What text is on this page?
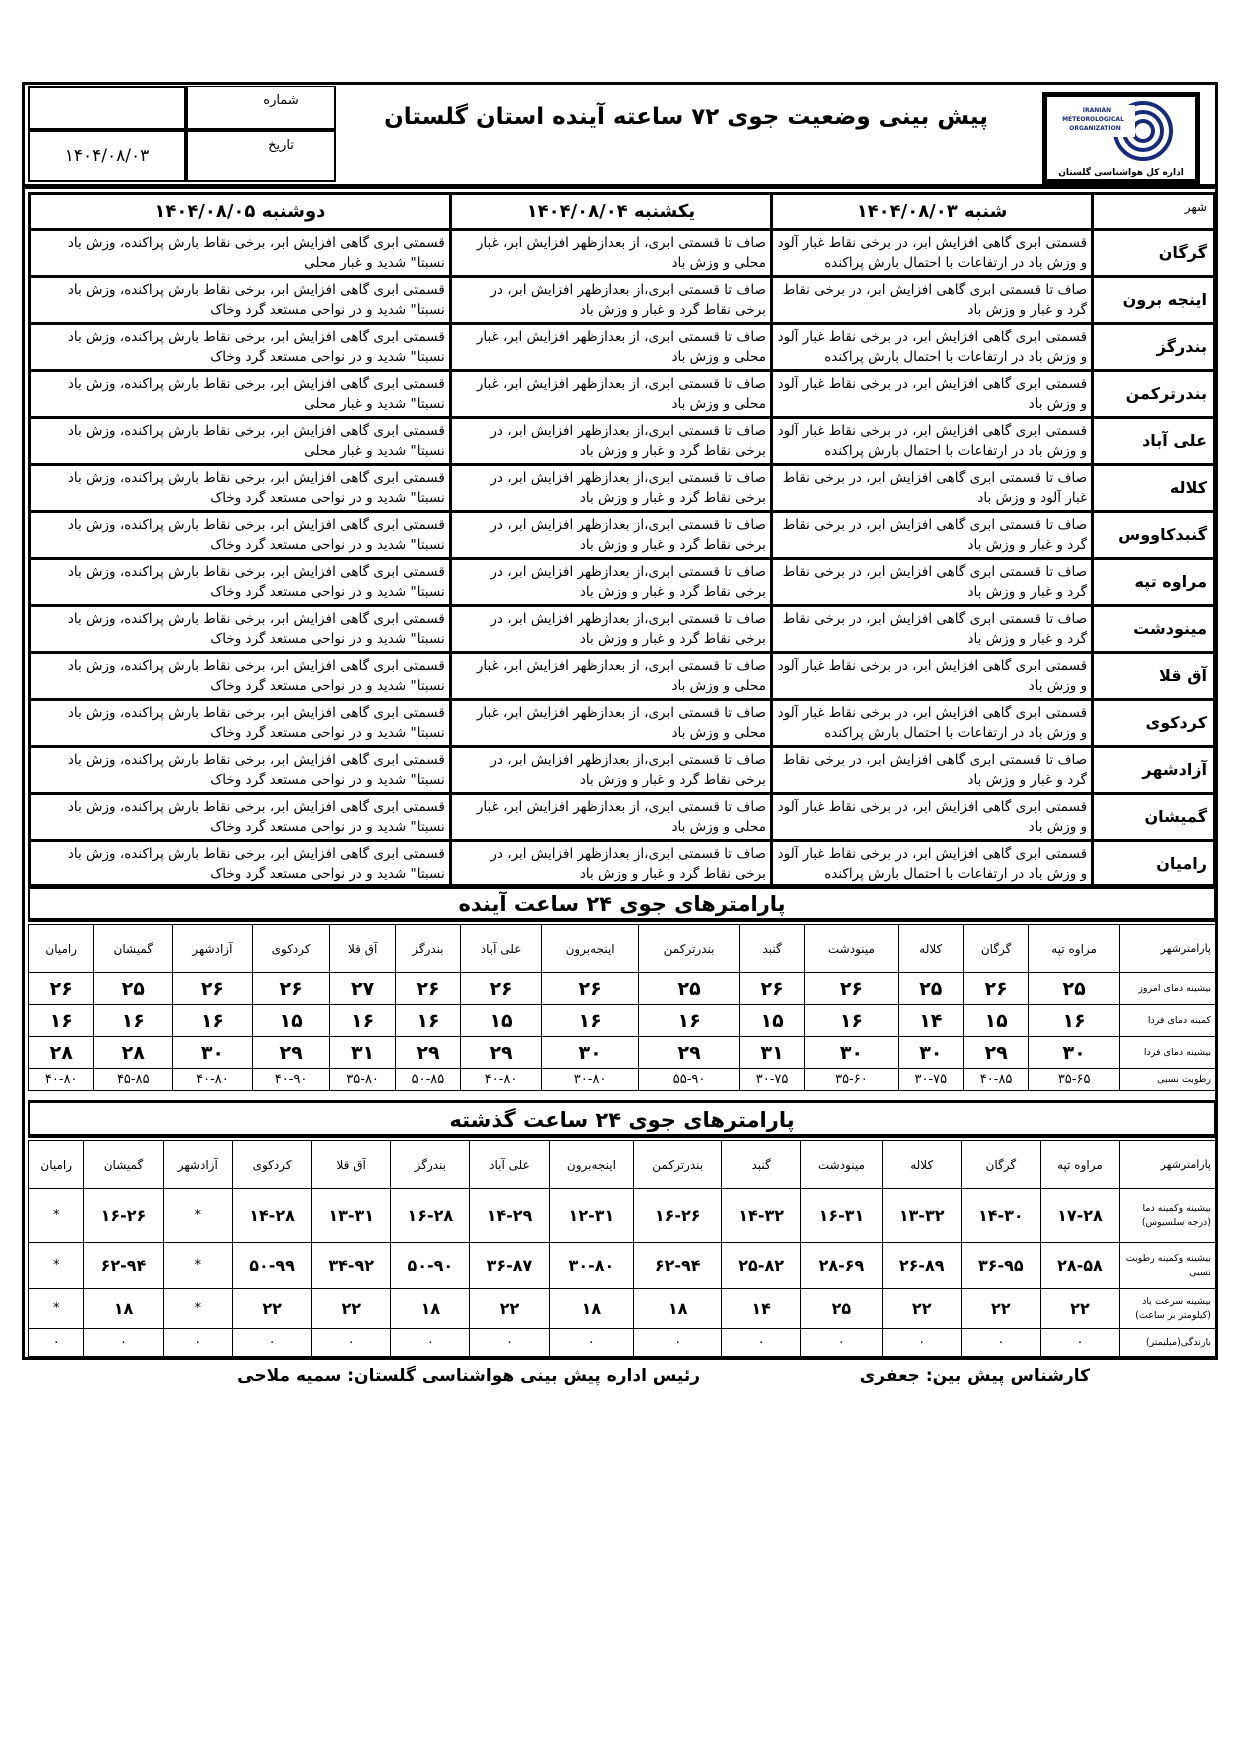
IRANIAN
METEOROLOGICAL
ORGANIZATION
اداره کل هواشناسی گلستان
پیش بینی وضعیت جوی ۷۲ ساعته آینده استان گلستان
شماره
تاریخ
۱۴۰۴/۰۸/۰۳
شهر	شنبه ۱۴۰۴/۰۸/۰۳	یکشنبه ۱۴۰۴/۰۸/۰۴	دوشنبه ۱۴۰۴/۰۸/۰۵
گرگان	قسمتی ابری گاهی افزایش ابر، در برخی نقاط غبار آلود و وزش باد در ارتفاعات با احتمال بارش پراکنده	صاف تا قسمتی ابری، از بعدازظهر افزایش ابر، غبار محلی و وزش باد	قسمتی ابری گاهی افزایش ابر، برخی نقاط بارش پراکنده، وزش باد نسبتا" شدید و غبار محلی
اینجه برون	صاف تا قسمتی ابری گاهی افزایش ابر، در برخی نقاط گرد و غبار و وزش باد	صاف تا قسمتی ابری،از بعدازظهر افزایش ابر، در برخی نقاط گرد و غبار و وزش باد	قسمتی ابری گاهی افزایش ابر، برخی نقاط بارش پراکنده، وزش باد نسبتا" شدید و در نواحی مستعد گرد وخاک
بندرگز	قسمتی ابری گاهی افزایش ابر، در برخی نقاط غبار آلود و وزش باد در ارتفاعات با احتمال بارش پراکنده	صاف تا قسمتی ابری، از بعدازظهر افزایش ابر، غبار محلی و وزش باد	قسمتی ابری گاهی افزایش ابر، برخی نقاط بارش پراکنده، وزش باد نسبتا" شدید و در نواحی مستعد گرد وخاک
بندرترکمن	قسمتی ابری گاهی افزایش ابر، در برخی نقاط غبار آلود و وزش باد	صاف تا قسمتی ابری، از بعدازظهر افزایش ابر، غبار محلی و وزش باد	قسمتی ابری گاهی افزایش ابر، برخی نقاط بارش پراکنده، وزش باد نسبتا" شدید و غبار محلی
علی آباد	قسمتی ابری گاهی افزایش ابر، در برخی نقاط غبار آلود و وزش باد در ارتفاعات با احتمال بارش پراکنده	صاف تا قسمتی ابری،از بعدازظهر افزایش ابر، در برخی نقاط گرد و غبار و وزش باد	قسمتی ابری گاهی افزایش ابر، برخی نقاط بارش پراکنده، وزش باد نسبتا" شدید و غبار محلی
کلاله	صاف تا قسمتی ابری گاهی افزایش ابر، در برخی نقاط غبار آلود و وزش باد	صاف تا قسمتی ابری،از بعدازظهر افزایش ابر، در برخی نقاط گرد و غبار و وزش باد	قسمتی ابری گاهی افزایش ابر، برخی نقاط بارش پراکنده، وزش باد نسبتا" شدید و در نواحی مستعد گرد وخاک
گنبدکاووس	صاف تا قسمتی ابری گاهی افزایش ابر، در برخی نقاط گرد و غبار و وزش باد	صاف تا قسمتی ابری،از بعدازظهر افزایش ابر، در برخی نقاط گرد و غبار و وزش باد	قسمتی ابری گاهی افزایش ابر، برخی نقاط بارش پراکنده، وزش باد نسبتا" شدید و در نواحی مستعد گرد وخاک
مراوه تپه	صاف تا قسمتی ابری گاهی افزایش ابر، در برخی نقاط گرد و غبار و وزش باد	صاف تا قسمتی ابری،از بعدازظهر افزایش ابر، در برخی نقاط گرد و غبار و وزش باد	قسمتی ابری گاهی افزایش ابر، برخی نقاط بارش پراکنده، وزش باد نسبتا" شدید و در نواحی مستعد گرد وخاک
مینودشت	صاف تا قسمتی ابری گاهی افزایش ابر، در برخی نقاط گرد و غبار و وزش باد	صاف تا قسمتی ابری،از بعدازظهر افزایش ابر، در برخی نقاط گرد و غبار و وزش باد	قسمتی ابری گاهی افزایش ابر، برخی نقاط بارش پراکنده، وزش باد نسبتا" شدید و در نواحی مستعد گرد وخاک
آق قلا	قسمتی ابری گاهی افزایش ابر، در برخی نقاط غبار آلود و وزش باد	صاف تا قسمتی ابری، از بعدازظهر افزایش ابر، غبار محلی و وزش باد	قسمتی ابری گاهی افزایش ابر، برخی نقاط بارش پراکنده، وزش باد نسبتا" شدید و در نواحی مستعد گرد وخاک
کردکوی	قسمتی ابری گاهی افزایش ابر، در برخی نقاط غبار آلود و وزش باد در ارتفاعات با احتمال بارش پراکنده	صاف تا قسمتی ابری، از بعدازظهر افزایش ابر، غبار محلی و وزش باد	قسمتی ابری گاهی افزایش ابر، برخی نقاط بارش پراکنده، وزش باد نسبتا" شدید و در نواحی مستعد گرد وخاک
آزادشهر	صاف تا قسمتی ابری گاهی افزایش ابر، در برخی نقاط گرد و غبار و وزش باد	صاف تا قسمتی ابری،از بعدازظهر افزایش ابر، در برخی نقاط گرد و غبار و وزش باد	قسمتی ابری گاهی افزایش ابر، برخی نقاط بارش پراکنده، وزش باد نسبتا" شدید و در نواحی مستعد گرد وخاک
گمیشان	قسمتی ابری گاهی افزایش ابر، در برخی نقاط غبار آلود و وزش باد	صاف تا قسمتی ابری، از بعدازظهر افزایش ابر، غبار محلی و وزش باد	قسمتی ابری گاهی افزایش ابر، برخی نقاط بارش پراکنده، وزش باد نسبتا" شدید و در نواحی مستعد گرد وخاک
رامیان	قسمتی ابری گاهی افزایش ابر، در برخی نقاط غبار آلود و وزش باد در ارتفاعات با احتمال بارش پراکنده	صاف تا قسمتی ابری،از بعدازظهر افزایش ابر، در برخی نقاط گرد و غبار و وزش باد	قسمتی ابری گاهی افزایش ابر، برخی نقاط بارش پراکنده، وزش باد نسبتا" شدید و در نواحی مستعد گرد وخاک
پارامترهای جوی ۲۴ ساعت آینده
پارامترشهر	مراوه تپه	گرگان	کلاله	مینودشت	گنبد	بندرترکمن	اینجه‌برون	علی آباد	بندرگز	آق قلا	کردکوی	آزادشهر	گمیشان	رامیان
بیشینه دمای امروز	۲۵	۲۶	۲۵	۲۶	۲۶	۲۵	۲۶	۲۶	۲۶	۲۷	۲۶	۲۶	۲۵	۲۶
کمینه دمای فردا	۱۶	۱۵	۱۴	۱۶	۱۵	۱۶	۱۶	۱۵	۱۶	۱۶	۱۵	۱۶	۱۶	۱۶
بیشینه دمای فردا	۳۰	۲۹	۳۰	۳۰	۳۱	۲۹	۳۰	۲۹	۲۹	۳۱	۲۹	۳۰	۲۸	۲۸
رطوبت نسبی	۳۵-۶۵	۴۰-۸۵	۳۰-۷۵	۳۵-۶۰	۳۰-۷۵	۵۵-۹۰	۳۰-۸۰	۴۰-۸۰	۵۰-۸۵	۳۵-۸۰	۴۰-۹۰	۴۰-۸۰	۴۵-۸۵	۴۰-۸۰
پارامترهای جوی ۲۴ ساعت گذشته
پارامترشهر	مراوه تپه	گرگان	کلاله	مینودشت	گنبد	بندرترکمن	اینجه‌برون	علی آباد	بندرگز	آق قلا	کردکوی	آزادشهر	گمیشان	رامیان
بیشینه وکمینه دما (درجه سلسیوس)	۱۷-۲۸	۱۴-۳۰	۱۳-۳۲	۱۶-۳۱	۱۴-۳۲	۱۶-۲۶	۱۲-۳۱	۱۴-۲۹	۱۶-۲۸	۱۳-۳۱	۱۴-۲۸	*	۱۶-۲۶	*
بیشینه وکمینه رطوبت نسبی	۲۸-۵۸	۳۶-۹۵	۲۶-۸۹	۲۸-۶۹	۲۵-۸۲	۶۲-۹۴	۳۰-۸۰	۳۶-۸۷	۵۰-۹۰	۳۴-۹۲	۵۰-۹۹	*	۶۲-۹۴	*
بیشینه سرعت باد (کیلومتر بر ساعت)	۲۲	۲۲	۲۲	۲۵	۱۴	۱۸	۱۸	۲۲	۱۸	۲۲	۲۲	*	۱۸	*
بارندگی(میلیمتر)	۰	۰	۰	۰	۰	۰	۰	۰	۰	۰	۰	۰	۰	۰
کارشناس پیش بین: جعفری
رئیس اداره پیش بینی هواشناسی گلستان: سمیه ملاحی
